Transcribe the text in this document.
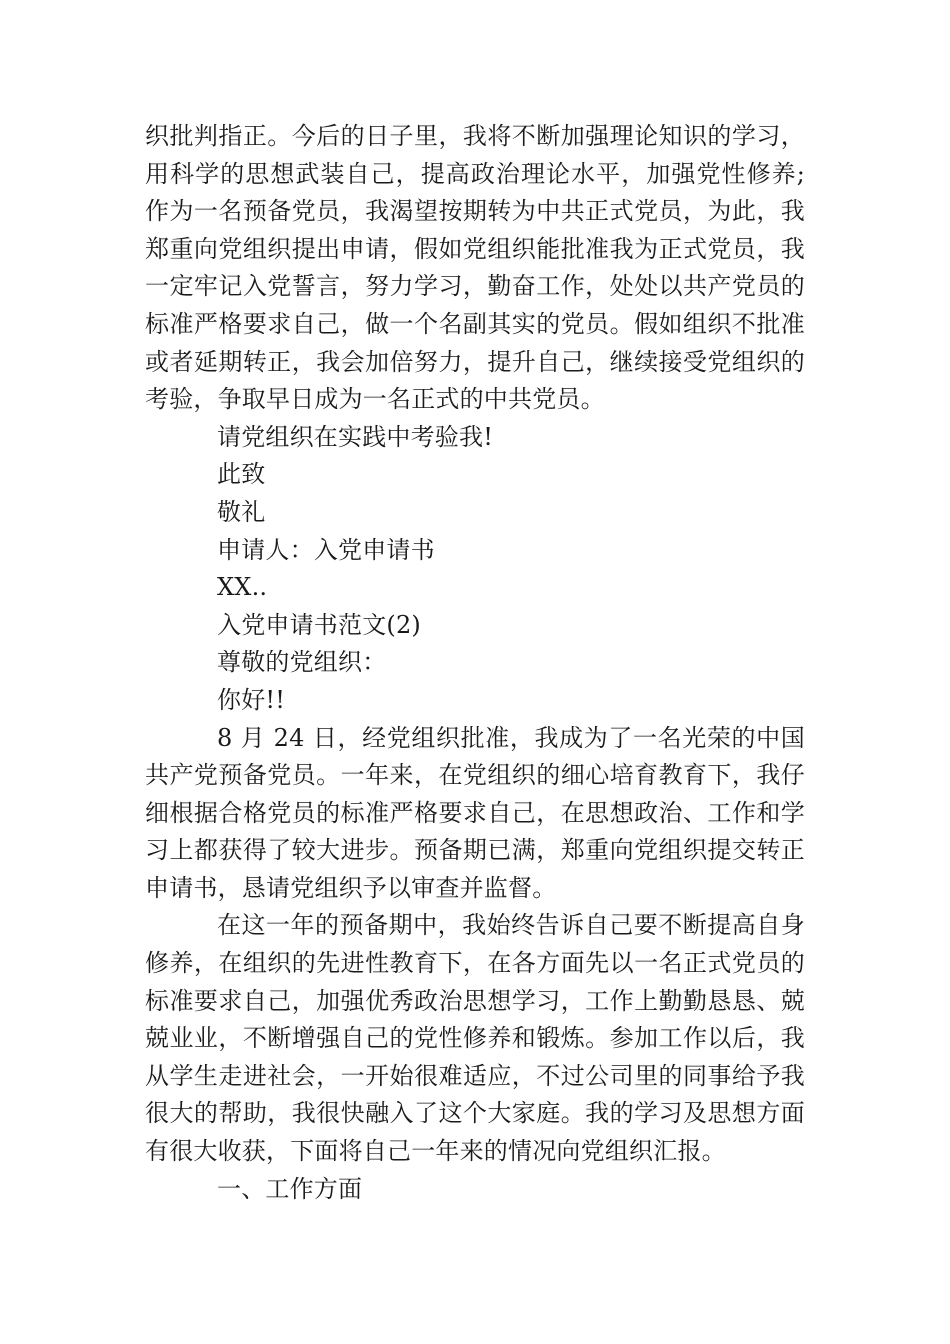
织批判指正。今后的日子里，我将不断加强理论知识的学习，用科学的思想武装自己，提高政治理论水平，加强党性修养;作为一名预备党员，我渴望按期转为中共正式党员，为此，我郑重向党组织提出申请，假如党组织能批准我为正式党员，我一定牢记入党誓言，努力学习，勤奋工作，处处以共产党员的标准严格要求自己，做一个名副其实的党员。假如组织不批准或者延期转正，我会加倍努力，提升自己，继续接受党组织的考验，争取早日成为一名正式的中共党员。

请党组织在实践中考验我!

此致

敬礼

申请人：入党申请书

XX..

入党申请书范文(2)

尊敬的党组织：

你好!!

8 月 24 日，经党组织批准，我成为了一名光荣的中国共产党预备党员。一年来，在党组织的细心培育教育下，我仔细根据合格党员的标准严格要求自己，在思想政治、工作和学习上都获得了较大进步。预备期已满，郑重向党组织提交转正申请书，恳请党组织予以审查并监督。

在这一年的预备期中，我始终告诉自己要不断提高自身修养，在组织的先进性教育下，在各方面先以一名正式党员的标准要求自己，加强优秀政治思想学习，工作上勤勤恳恳、兢兢业业，不断增强自己的党性修养和锻炼。参加工作以后，我从学生走进社会，一开始很难适应，不过公司里的同事给予我很大的帮助，我很快融入了这个大家庭。我的学习及思想方面有很大收获，下面将自己一年来的情况向党组织汇报。

一、工作方面
